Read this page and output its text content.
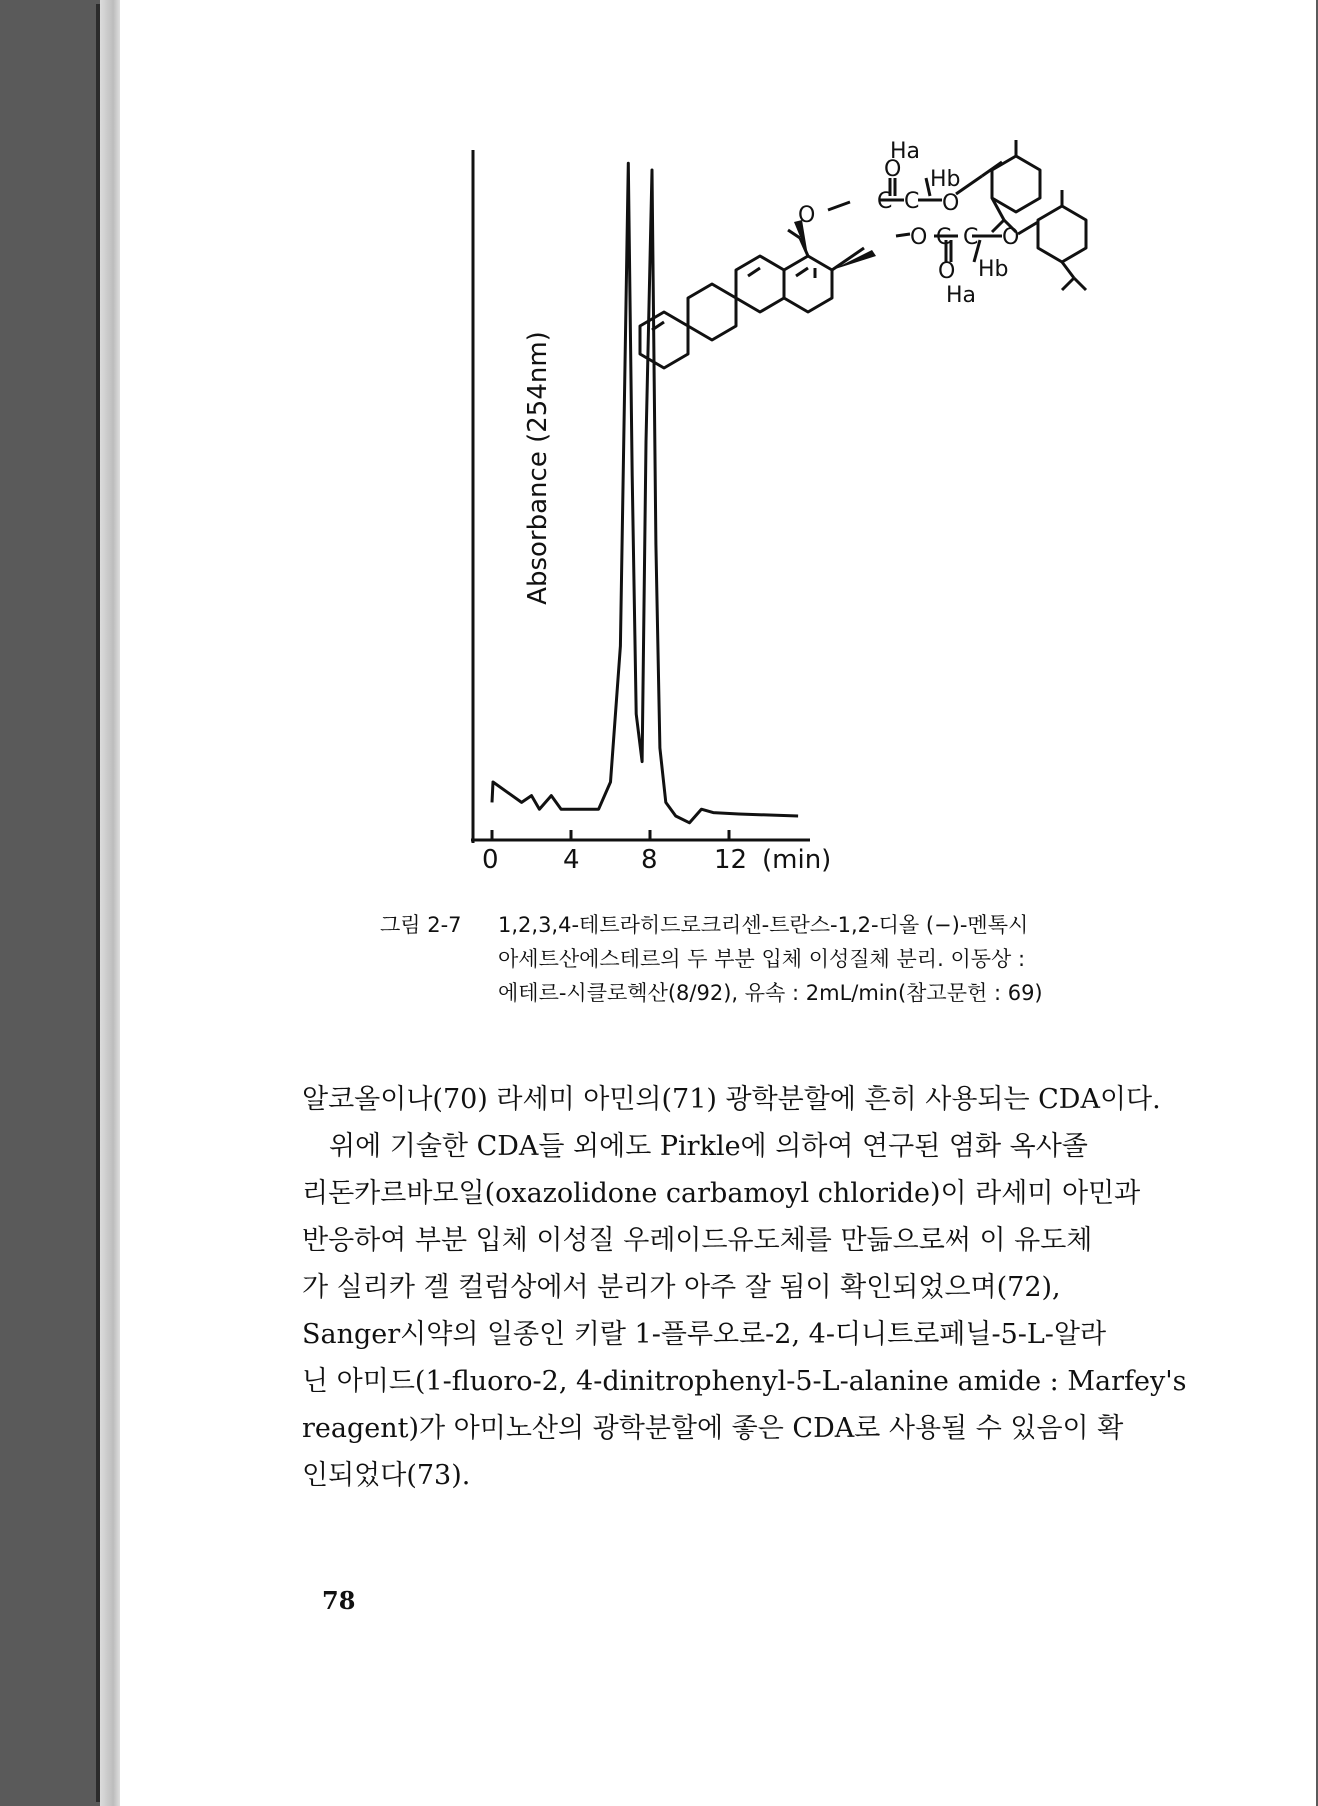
Absorbance (254nm)
0 4 8 12 (min)
O
O
C C O
O C C O
O
Ha
Hb
Hb
Ha
그림 2-7	1,2,3,4-테트라히드로크리센-트란스-1,2-디올 (−)-멘톡시
아세트산에스테르의 두 부분 입체 이성질체 분리. 이동상 :
에테르-시클로헥산(8/92), 유속 : 2mL/min(참고문헌 : 69)

알코올이나(70) 라세미 아민의(71) 광학분할에 흔히 사용되는 CDA이다.

위에 기술한 CDA들 외에도 Pirkle에 의하여 연구된 염화 옥사졸

리돈카르바모일(oxazolidone carbamoyl chloride)이 라세미 아민과

반응하여 부분 입체 이성질 우레이드유도체를 만듦으로써 이 유도체

가 실리카 겔 컬럼상에서 분리가 아주 잘 됨이 확인되었으며(72),

Sanger시약의 일종인 키랄 1-플루오로-2, 4-디니트로페닐-5-L-알라

닌 아미드(1-fluoro-2, 4-dinitrophenyl-5-L-alanine amide : Marfey's

reagent)가 아미노산의 광학분할에 좋은 CDA로 사용될 수 있음이 확

인되었다(73).

78
